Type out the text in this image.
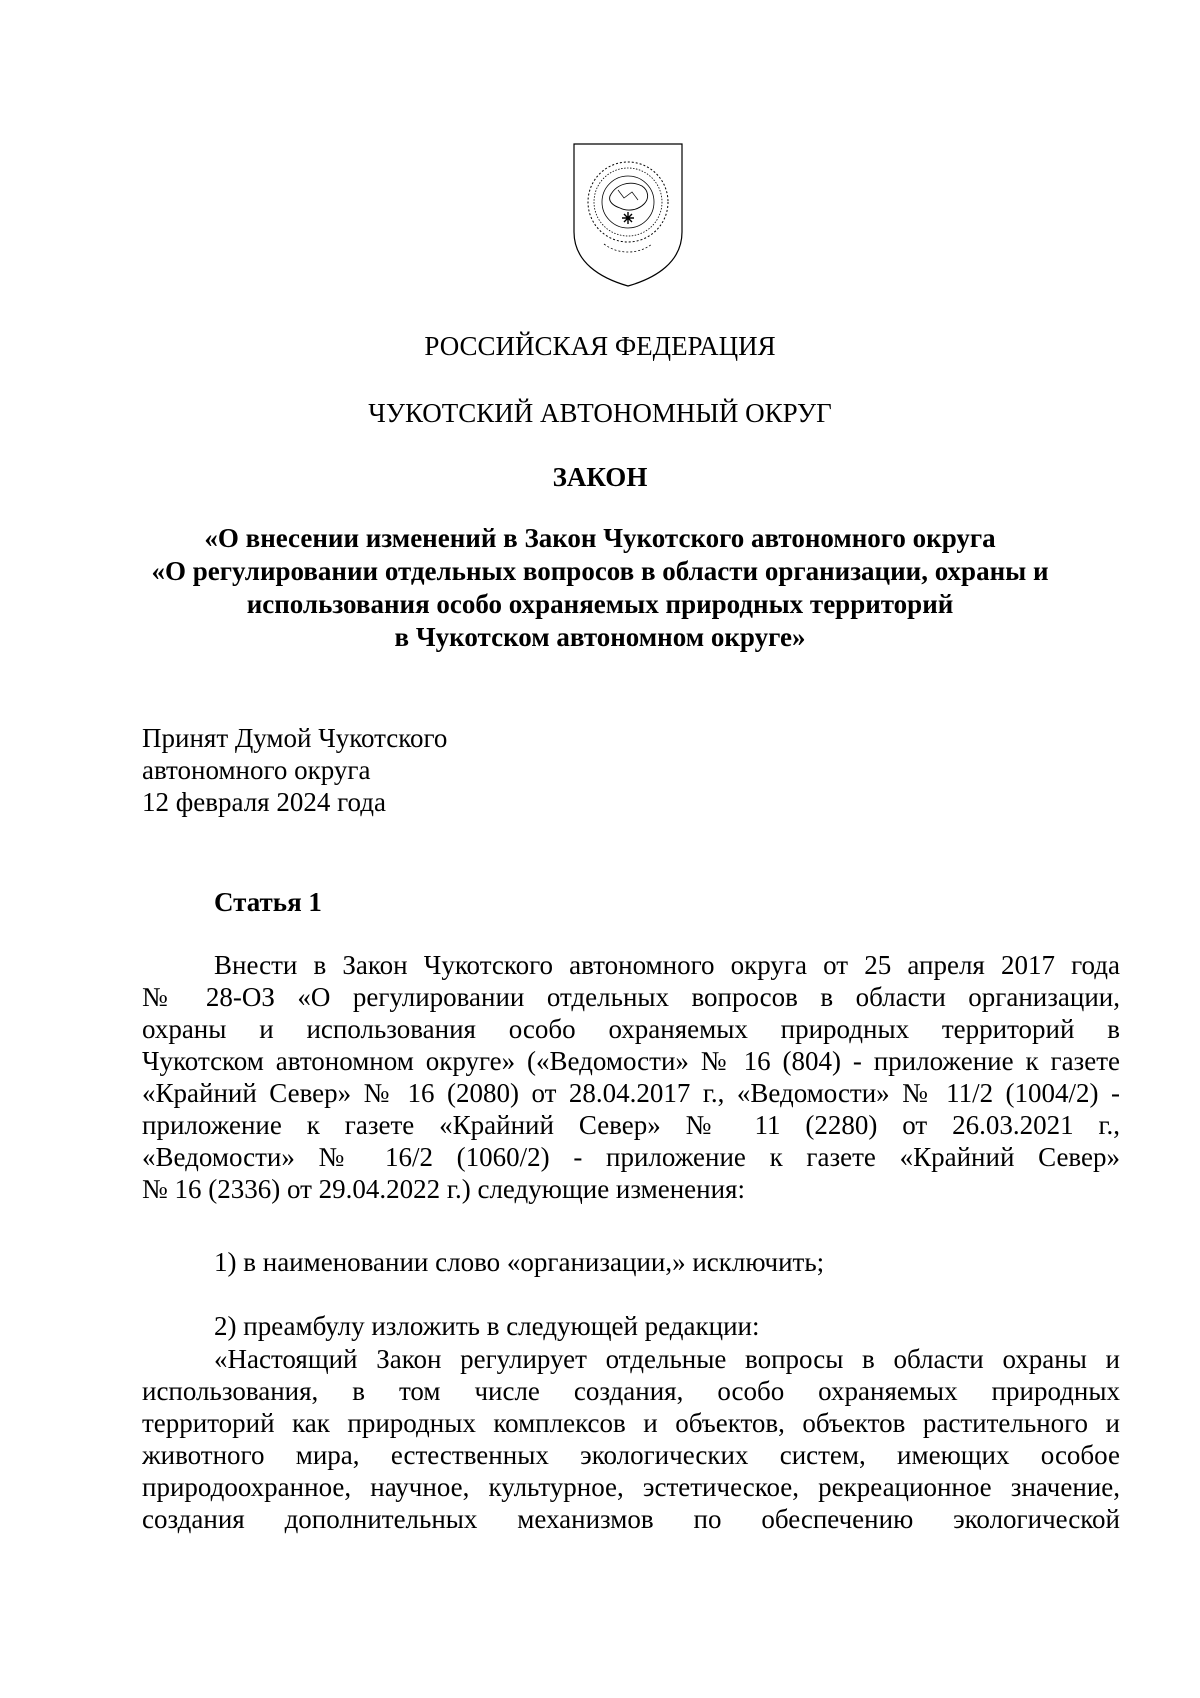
РОССИЙСКАЯ ФЕДЕРАЦИЯ
ЧУКОТСКИЙ АВТОНОМНЫЙ ОКРУГ
ЗАКОН
«О внесении изменений в Закон Чукотского автономного округа
«О регулировании отдельных вопросов в области организации, охраны и
использования особо охраняемых природных территорий
в Чукотском автономном округе»
Принят Думой Чукотского
автономного округа
12 февраля 2024 года
Статья 1
Внести в Закон Чукотского автономного округа от 25 апреля 2017 года
№ 28-ОЗ «О регулировании отдельных вопросов в области организации,
охраны и использования особо охраняемых природных территорий в
Чукотском автономном округе» («Ведомости» № 16 (804) - приложение к газете
«Крайний Север» № 16 (2080) от 28.04.2017 г., «Ведомости» № 11/2 (1004/2) -
приложение к газете «Крайний Север» № 11 (2280) от 26.03.2021 г.,
«Ведомости» № 16/2 (1060/2) - приложение к газете «Крайний Север»
№ 16 (2336) от 29.04.2022 г.) следующие изменения:
1) в наименовании слово «организации,» исключить;
2) преамбулу изложить в следующей редакции:
«Настоящий Закон регулирует отдельные вопросы в области охраны и
использования, в том числе создания, особо охраняемых природных
территорий как природных комплексов и объектов, объектов растительного и
животного мира, естественных экологических систем, имеющих особое
природоохранное, научное, культурное, эстетическое, рекреационное значение,
создания дополнительных механизмов по обеспечению экологической
